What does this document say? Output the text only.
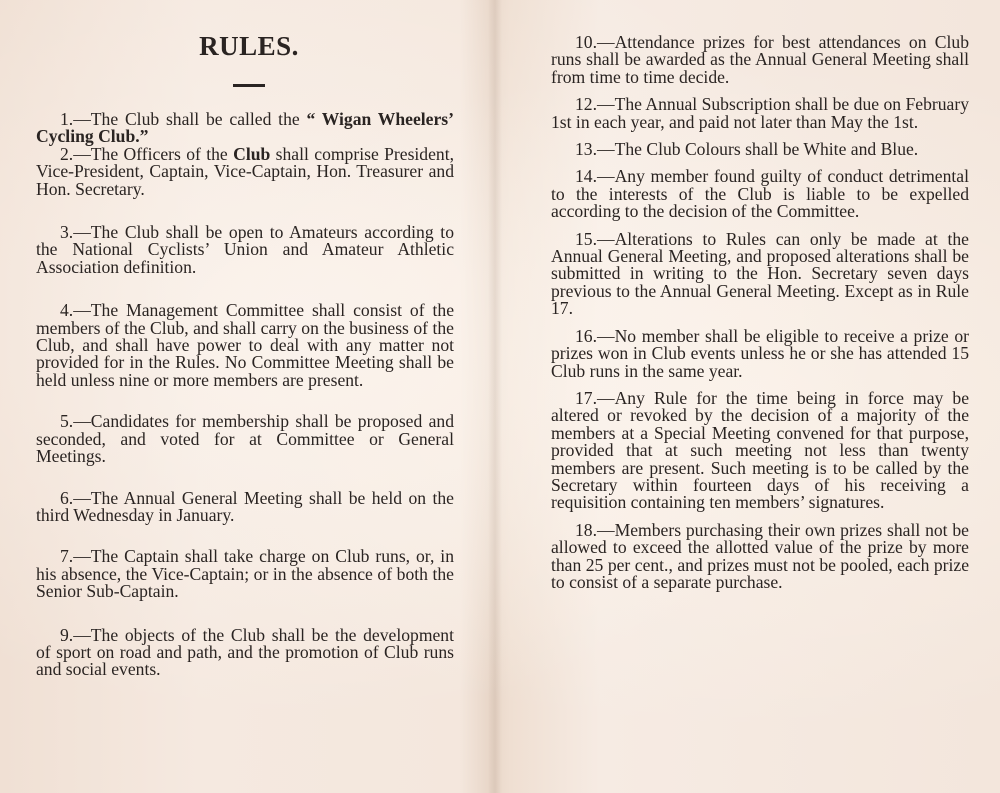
RULES.

1.—The Club shall be called the “ Wigan Wheelers’ Cycling Club.”

2.—The Officers of the Club shall comprise President, Vice-President, Captain, Vice-Captain, Hon. Treasurer and Hon. Secretary.

3.—The Club shall be open to Amateurs according to the National Cyclists’ Union and Amateur Athletic Association definition.

4.—The Management Committee shall consist of the members of the Club, and shall carry on the business of the Club, and shall have power to deal with any matter not provided for in the Rules. No Committee Meeting shall be held unless nine or more members are present.

5.—Candidates for membership shall be proposed and seconded, and voted for at Committee or General Meetings.

6.—The Annual General Meeting shall be held on the third Wednesday in January.

7.—The Captain shall take charge on Club runs, or, in his absence, the Vice-Captain; or in the absence of both the Senior Sub-Captain.

9.—The objects of the Club shall be the development of sport on road and path, and the promotion of Club runs and social events.

10.—Attendance prizes for best attendances on Club runs shall be awarded as the Annual General Meeting shall from time to time decide.

12.—The Annual Subscription shall be due on February 1st in each year, and paid not later than May the 1st.

13.—The Club Colours shall be White and Blue.

14.—Any member found guilty of conduct detrimental to the interests of the Club is liable to be expelled according to the decision of the Committee.

15.—Alterations to Rules can only be made at the Annual General Meeting, and proposed alterations shall be submitted in writing to the Hon. Secretary seven days previous to the Annual General Meeting. Except as in Rule 17.

16.—No member shall be eligible to receive a prize or prizes won in Club events unless he or she has attended 15 Club runs in the same year.

17.—Any Rule for the time being in force may be altered or revoked by the decision of a majority of the members at a Special Meeting convened for that purpose, provided that at such meeting not less than twenty members are present. Such meeting is to be called by the Secretary within fourteen days of his receiving a requisition containing ten members’ signatures.

18.—Members purchasing their own prizes shall not be allowed to exceed the allotted value of the prize by more than 25 per cent., and prizes must not be pooled, each prize to consist of a separate purchase.
